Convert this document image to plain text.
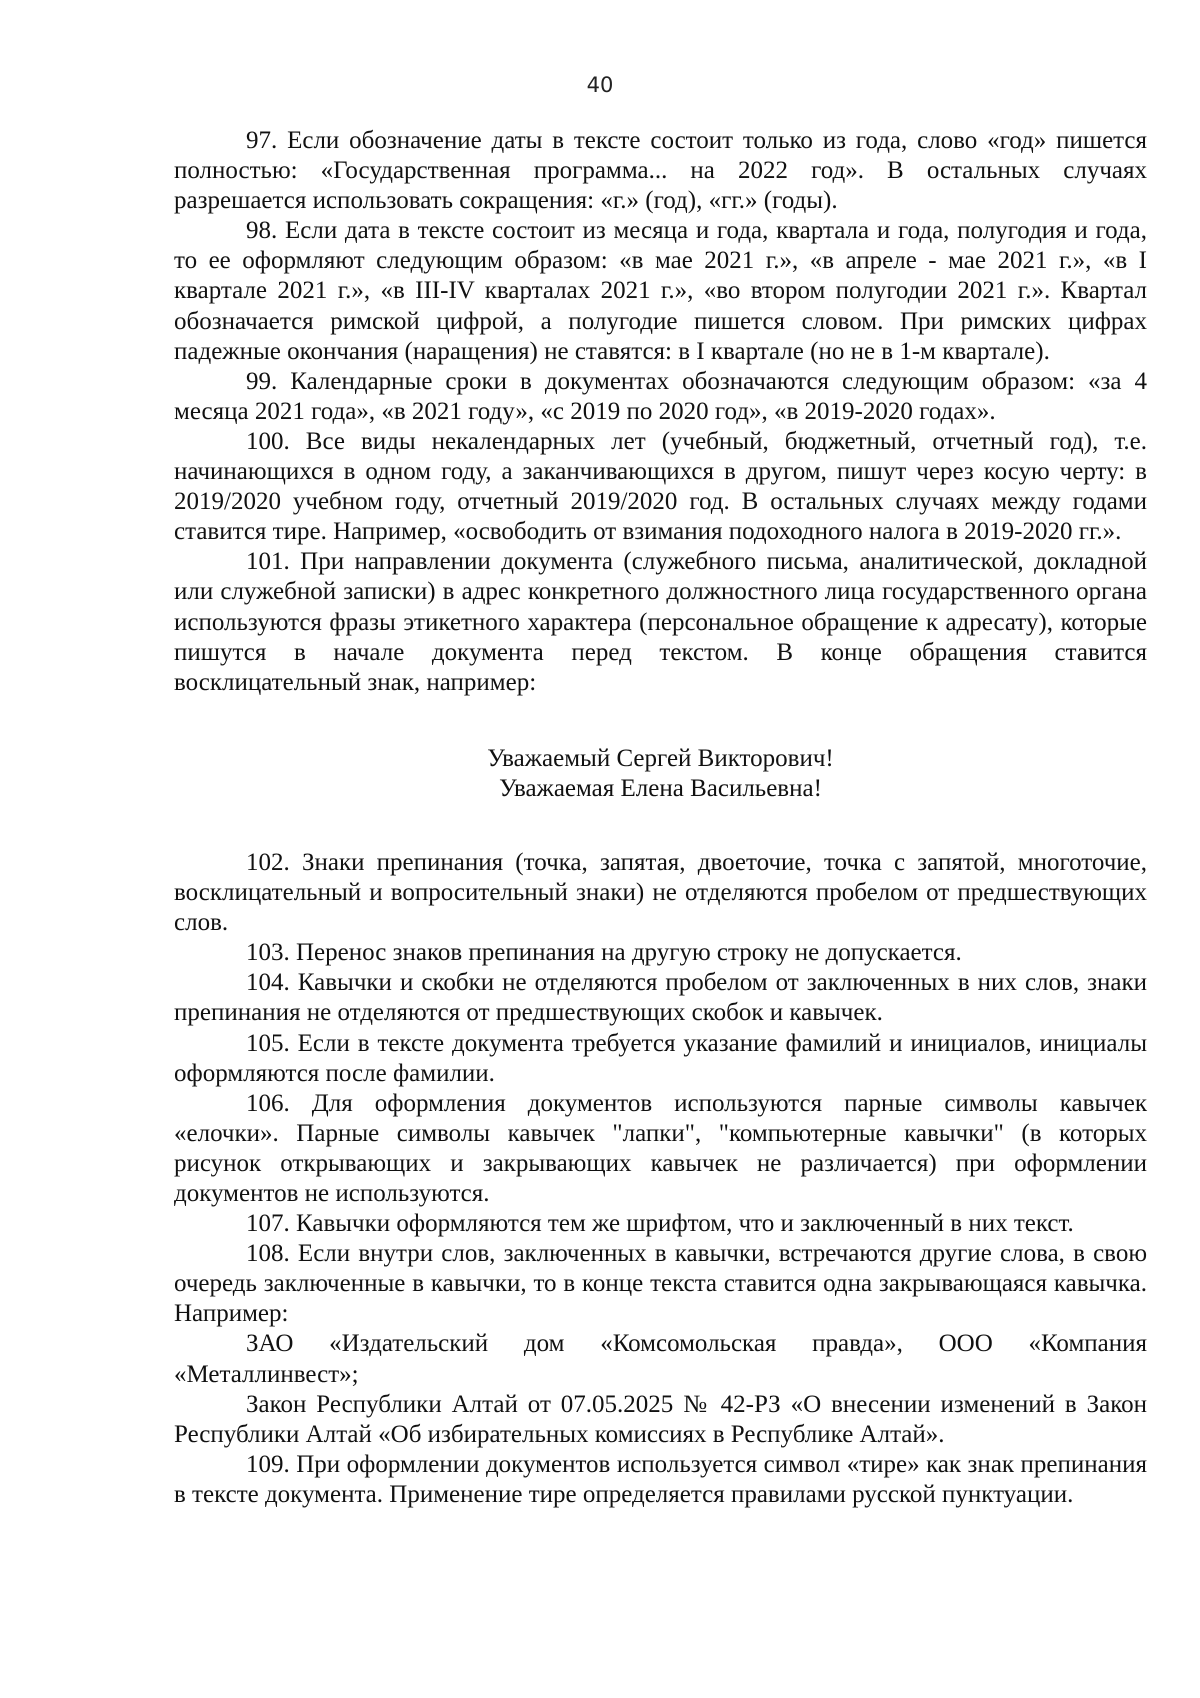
40

97. Если обозначение даты в тексте состоит только из года, слово «год» пишется полностью: «Государственная программа... на 2022 год». В остальных случаях разрешается использовать сокращения: «г.» (год), «гг.» (годы).

98. Если дата в тексте состоит из месяца и года, квартала и года, полугодия и года, то ее оформляют следующим образом: «в мае 2021 г.», «в апреле - мае 2021 г.», «в I квартале 2021 г.», «в III-IV кварталах 2021 г.», «во втором полугодии 2021 г.». Квартал обозначается римской цифрой, а полугодие пишется словом. При римских цифрах падежные окончания (наращения) не ставятся: в I квартале (но не в 1-м квартале).

99. Календарные сроки в документах обозначаются следующим образом: «за 4 месяца 2021 года», «в 2021 году», «с 2019 по 2020 год», «в 2019-2020 годах».

100. Все виды некалендарных лет (учебный, бюджетный, отчетный год), т.е. начинающихся в одном году, а заканчивающихся в другом, пишут через косую черту: в 2019/2020 учебном году, отчетный 2019/2020 год. В остальных случаях между годами ставится тире. Например, «освободить от взимания подоходного налога в 2019-2020 гг.».

101. При направлении документа (служебного письма, аналитической, докладной или служебной записки) в адрес конкретного должностного лица государственного органа используются фразы этикетного характера (персональное обращение к адресату), которые пишутся в начале документа перед текстом. В конце обращения ставится восклицательный знак, например:

Уважаемый Сергей Викторович!
Уважаемая Елена Васильевна!

102. Знаки препинания (точка, запятая, двоеточие, точка с запятой, многоточие, восклицательный и вопросительный знаки) не отделяются пробелом от предшествующих слов.

103. Перенос знаков препинания на другую строку не допускается.

104. Кавычки и скобки не отделяются пробелом от заключенных в них слов, знаки препинания не отделяются от предшествующих скобок и кавычек.

105. Если в тексте документа требуется указание фамилий и инициалов, инициалы оформляются после фамилии.

106. Для оформления документов используются парные символы кавычек «елочки». Парные символы кавычек "лапки", "компьютерные кавычки" (в которых рисунок открывающих и закрывающих кавычек не различается) при оформлении документов не используются.

107. Кавычки оформляются тем же шрифтом, что и заключенный в них текст.

108. Если внутри слов, заключенных в кавычки, встречаются другие слова, в свою очередь заключенные в кавычки, то в конце текста ставится одна закрывающаяся кавычка. Например:

ЗАО «Издательский дом «Комсомольская правда», ООО «Компания «Металлинвест»;

Закон Республики Алтай от 07.05.2025 № 42-РЗ «О внесении изменений в Закон Республики Алтай «Об избирательных комиссиях в Республике Алтай».

109. При оформлении документов используется символ «тире» как знак препинания в тексте документа. Применение тире определяется правилами русской пунктуации.
